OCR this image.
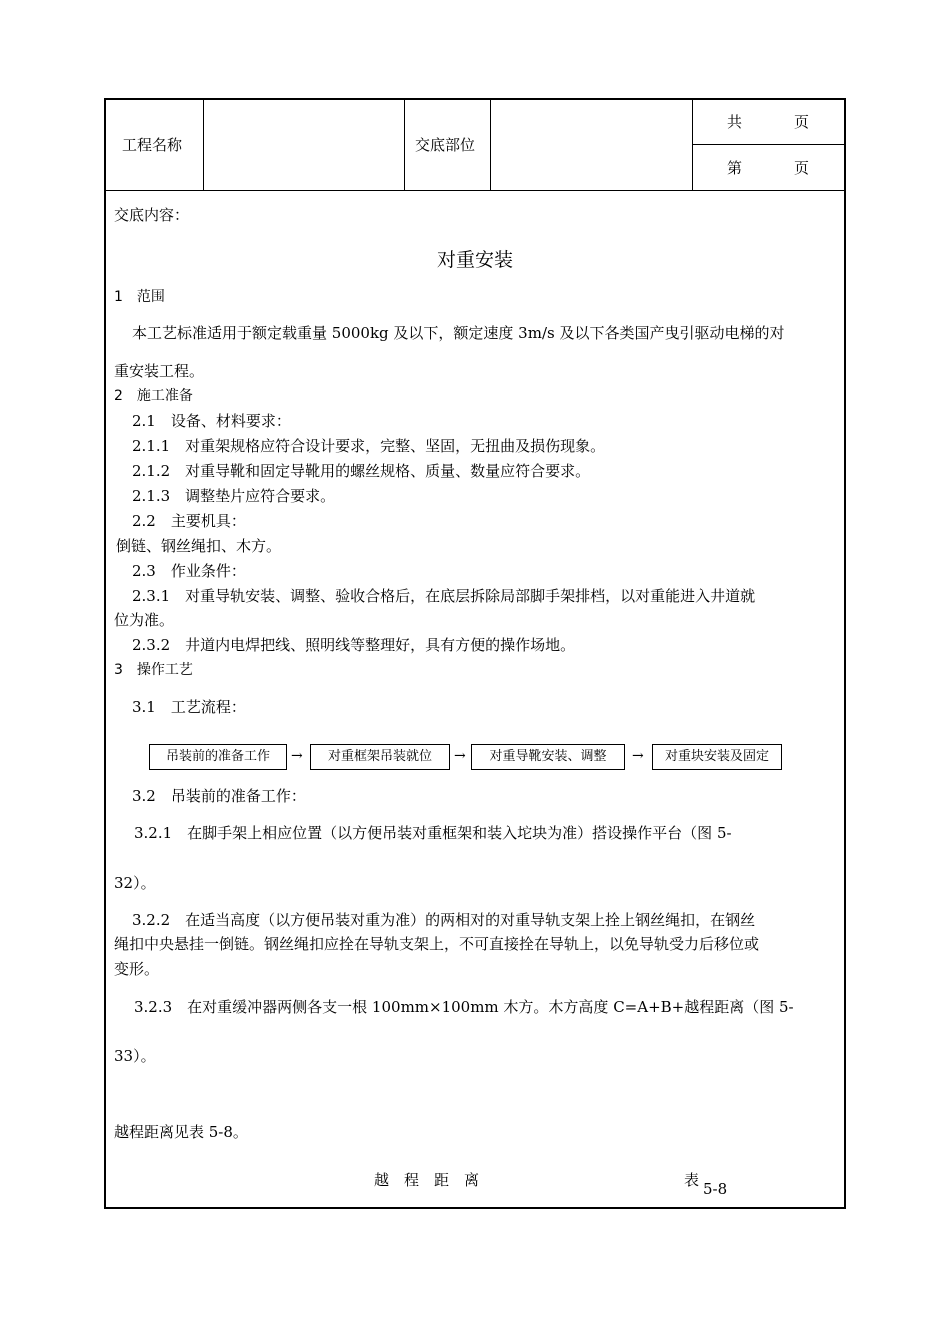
工程名称	交底部位
共	页
第	页
交底内容：
对重安装
1　范围
本工艺标准适用于额定载重量 5000kg 及以下，额定速度 3m/s 及以下各类国产曳引驱动电梯的对
重安装工程。
2　施工准备
2.1　设备、材料要求：
2.1.1　对重架规格应符合设计要求，完整、坚固，无扭曲及损伤现象。
2.1.2　对重导靴和固定导靴用的螺丝规格、质量、数量应符合要求。
2.1.3　调整垫片应符合要求。
2.2　主要机具：
倒链、钢丝绳扣、木方。
2.3　作业条件：
2.3.1　对重导轨安装、调整、验收合格后，在底层拆除局部脚手架排档，以对重能进入井道就
位为准。
2.3.2　井道内电焊把线、照明线等整理好，具有方便的操作场地。
3　操作工艺
3.1　工艺流程：
吊装前的准备工作	→	对重框架吊装就位	→	对重导靴安装、调整	→	对重块安装及固定
3.2　吊装前的准备工作：
3.2.1　在脚手架上相应位置（以方便吊装对重框架和装入坨块为准）搭设操作平台（图 5-
32）。
3.2.2　在适当高度（以方便吊装对重为准）的两相对的对重导轨支架上拴上钢丝绳扣，在钢丝
绳扣中央悬挂一倒链。钢丝绳扣应拴在导轨支架上，不可直接拴在导轨上，以免导轨受力后移位或
变形。
3.2.3　在对重缓冲器两侧各支一根 100mm×100mm 木方。木方高度 C=A+B+越程距离（图 5-
33）。
越程距离见表 5-8。
越　程　距　离	表 5-8
